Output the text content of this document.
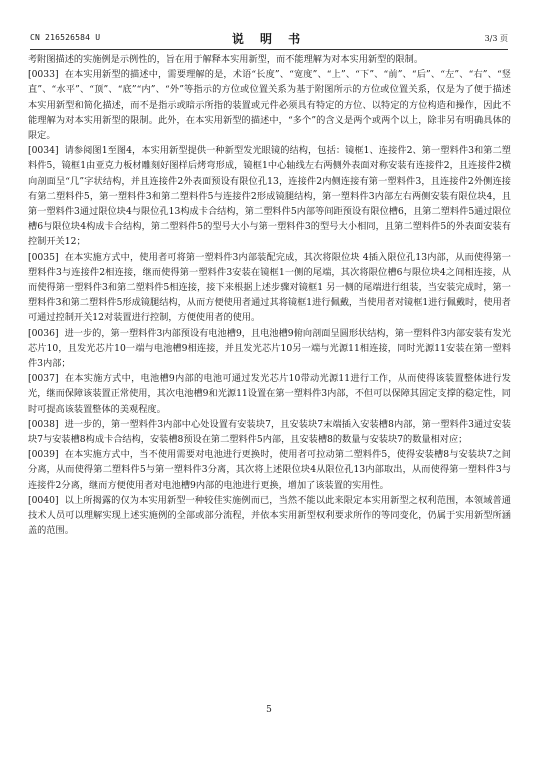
CN 216526584 U	说 明 书	3/3 页

考附图描述的实施例是示例性的，旨在用于解释本实用新型，而不能理解为对本实用新型的限制。

[0033] 在本实用新型的描述中，需要理解的是，术语“长度”、“宽度”、“上”、“下”、“前”、“后”、“左”、“右”、“竖直”、“水平”、“顶”、“底”“内”、“外”等指示的方位或位置关系为基于附图所示的方位或位置关系，仅是为了便于描述本实用新型和简化描述，而不是指示或暗示所指的装置或元件必须具有特定的方位、以特定的方位构造和操作，因此不能理解为对本实用新型的限制。此外，在本实用新型的描述中，“多个”的含义是两个或两个以上，除非另有明确具体的限定。

[0034] 请参阅图1至图4，本实用新型提供一种新型发光眼镜的结构，包括：镜框1、连接件2、第一塑料件3和第二塑料件5，镜框1由亚克力板材雕刻好图样后烤弯形成，镜框1中心轴线左右两侧外表面对称安装有连接件2，且连接件2横向剖面呈“几”字状结构，并且连接件2外表面预设有限位孔13，连接件2内侧连接有第一塑料件3，且连接件2外侧连接有第二塑料件5，第一塑料件3和第二塑料件5与连接件2形成镜腿结构，第一塑料件3内部左右两侧安装有限位块4，且第一塑料件3通过限位块4与限位孔13构成卡合结构，第二塑料件5内部等间距预设有限位槽6，且第二塑料件5通过限位槽6与限位块4构成卡合结构，第二塑料件5的型号大小与第一塑料件3的型号大小相同，且第二塑料件5的外表面安装有控制开关12；

[0035] 在本实施方式中，使用者可将第一塑料件3内部装配完成，其次将限位块 4插入限位孔13内部，从而使得第一塑料件3与连接件2相连接，继而使得第一塑料件3安装在镜框1一侧的尾端，其次将限位槽6与限位块4之间相连接，从而使得第一塑料件3和第二塑料件5相连接，接下来根据上述步骤对镜框1 另一侧的尾端进行组装，当安装完成时，第一塑料件3和第二塑料件5形成镜腿结构，从而方便使用者通过其将镜框1进行佩戴，当使用者对镜框1进行佩戴时，使用者可通过控制开关12对装置进行控制，方便使用者的使用。

[0036] 进一步的，第一塑料件3内部预设有电池槽9，且电池槽9俯向剖面呈圆形状结构，第一塑料件3内部安装有发光芯片10，且发光芯片10一端与电池槽9相连接，并且发光芯片10另一端与光源11相连接，同时光源11安装在第一塑料件3内部；

[0037] 在本实施方式中，电池槽9内部的电池可通过发光芯片10带动光源11进行工作，从而使得该装置整体进行发光，继而保障该装置正常使用，其次电池槽9和光源11设置在第一塑料件3内部，不但可以保障其固定支撑的稳定性，同时可提高该装置整体的美观程度。

[0038] 进一步的，第一塑料件3内部中心处设置有安装块7，且安装块7末端插入安装槽8内部，第一塑料件3通过安装块7与安装槽8构成卡合结构，安装槽8预设在第二塑料件5内部，且安装槽8的数量与安装块7的数量相对应；

[0039] 在本实施方式中，当不使用需要对电池进行更换时，使用者可拉动第二塑料件5，使得安装槽8与安装块7之间分离，从而使得第二塑料件5与第一塑料件3分离，其次将上述限位块4从限位孔13内部取出，从而使得第一塑料件3与连接件2分离，继而方便使用者对电池槽9内部的电池进行更换，增加了该装置的实用性。

[0040] 以上所揭露的仅为本实用新型一种较佳实施例而已，当然不能以此来限定本实用新型之权利范围，本领域普通技术人员可以理解实现上述实施例的全部或部分流程，并依本实用新型权利要求所作的等同变化，仍属于实用新型所涵盖的范围。

5
